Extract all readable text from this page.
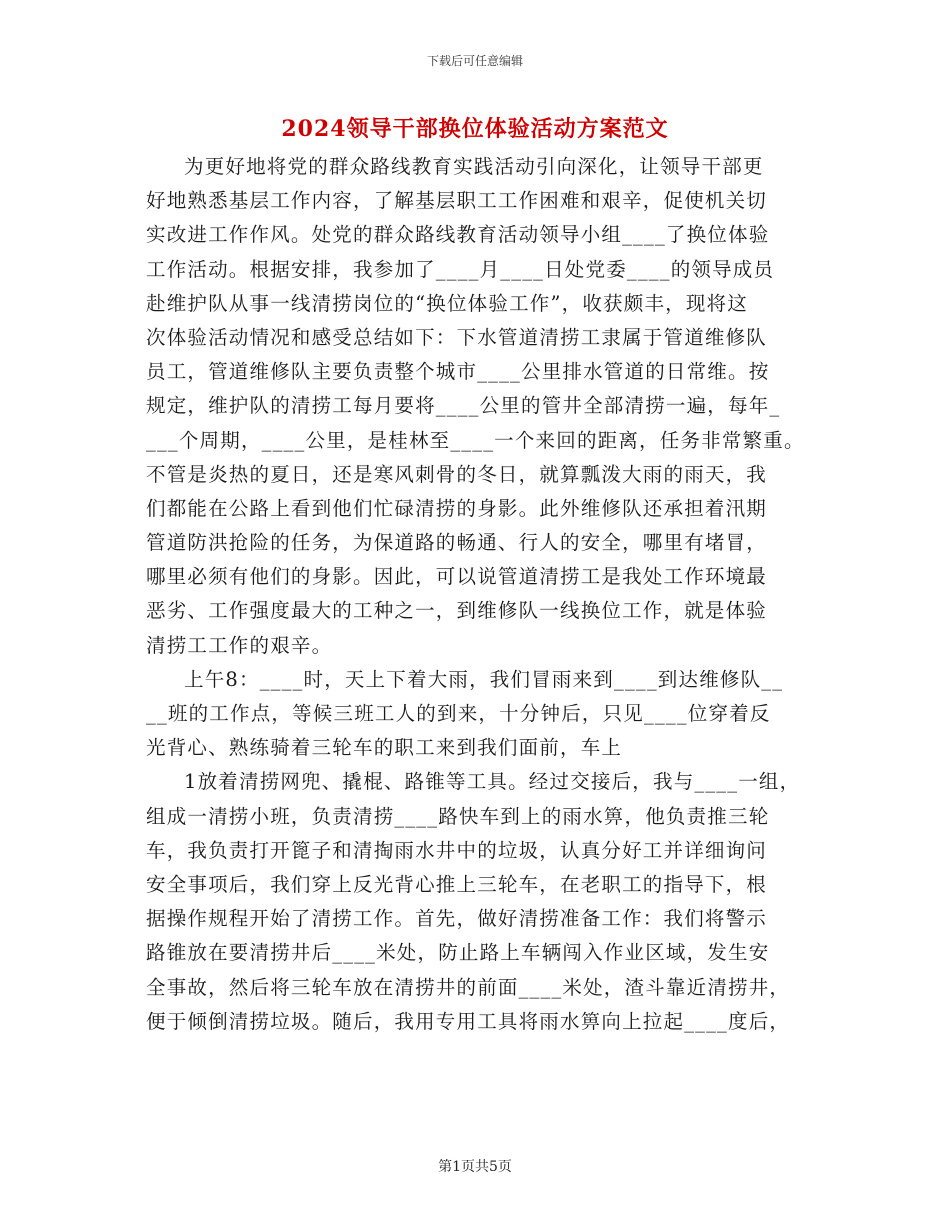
下载后可任意编辑
2024领导干部换位体验活动方案范文
为更好地将党的群众路线教育实践活动引向深化，让领导干部更
好地熟悉基层工作内容，了解基层职工工作困难和艰辛，促使机关切
实改进工作作风。处党的群众路线教育活动领导小组____了换位体验
工作活动。根据安排，我参加了____月____日处党委____的领导成员
赴维护队从事一线清捞岗位的“换位体验工作”，收获颇丰，现将这
次体验活动情况和感受总结如下：下水管道清捞工隶属于管道维修队
员工，管道维修队主要负责整个城市____公里排水管道的日常维。按
规定，维护队的清捞工每月要将____公里的管井全部清捞一遍，每年_
___个周期，____公里，是桂林至____一个来回的距离，任务非常繁重。
不管是炎热的夏日，还是寒风刺骨的冬日，就算瓢泼大雨的雨天，我
们都能在公路上看到他们忙碌清捞的身影。此外维修队还承担着汛期
管道防洪抢险的任务，为保道路的畅通、行人的安全，哪里有堵冒，
哪里必须有他们的身影。因此，可以说管道清捞工是我处工作环境最
恶劣、工作强度最大的工种之一，到维修队一线换位工作，就是体验
清捞工工作的艰辛。
上午8：____时，天上下着大雨，我们冒雨来到____到达维修队__
__班的工作点，等候三班工人的到来，十分钟后，只见____位穿着反
光背心、熟练骑着三轮车的职工来到我们面前，车上
1放着清捞网兜、撬棍、路锥等工具。经过交接后，我与____一组，
组成一清捞小班，负责清捞____路快车到上的雨水箅，他负责推三轮
车，我负责打开篦子和清掏雨水井中的垃圾，认真分好工并详细询问
安全事项后，我们穿上反光背心推上三轮车，在老职工的指导下，根
据操作规程开始了清捞工作。首先，做好清捞准备工作：我们将警示
路锥放在要清捞井后____米处，防止路上车辆闯入作业区域，发生安
全事故，然后将三轮车放在清捞井的前面____米处，渣斗靠近清捞井，
便于倾倒清捞垃圾。随后，我用专用工具将雨水箅向上拉起____度后，
第1页共5页
